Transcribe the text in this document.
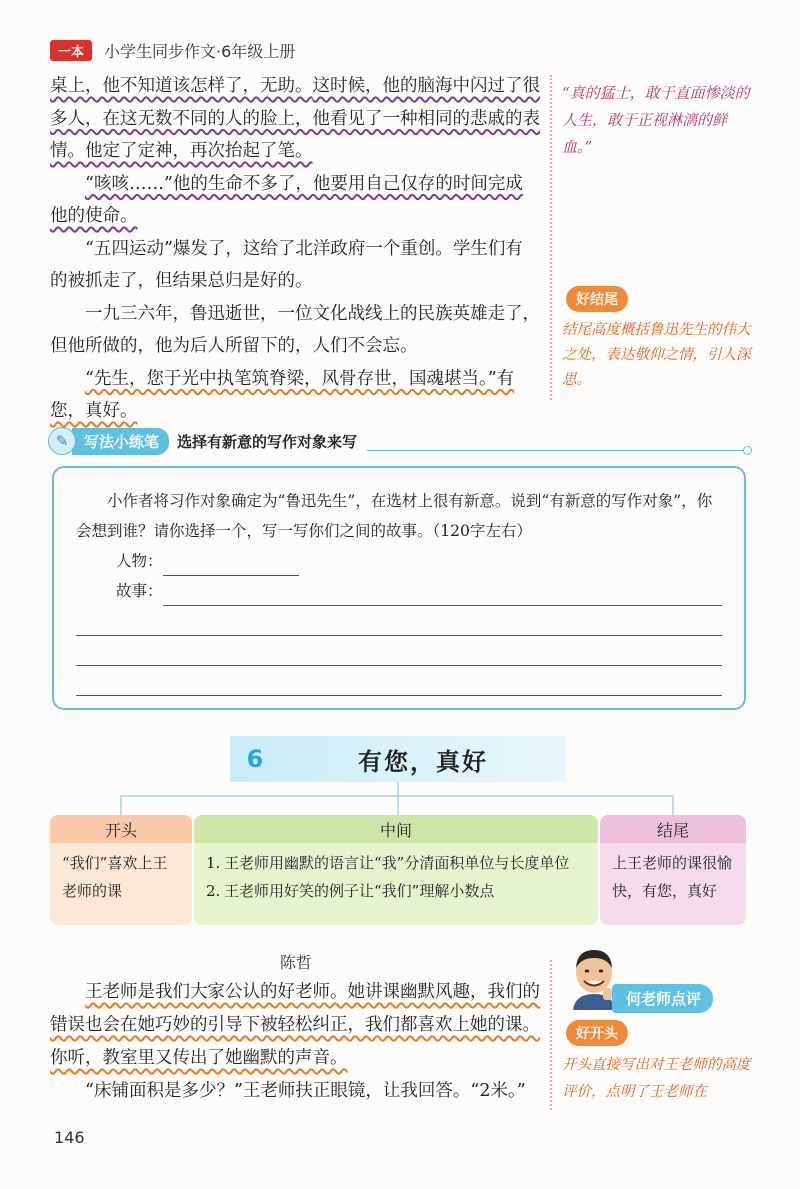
一本	小学生同步作文·6年级上册

桌上，他不知道该怎样了，无助。这时候，他的脑海中闪过了很多人，在这无数不同的人的脸上，他看见了一种相同的悲戚的表情。他定了定神，再次抬起了笔。

“咳咳……”他的生命不多了，他要用自己仅存的时间完成他的使命。

“五四运动”爆发了，这给了北洋政府一个重创。学生们有的被抓走了，但结果总归是好的。

一九三六年，鲁迅逝世，一位文化战线上的民族英雄走了，但他所做的，他为后人所留下的，人们不会忘。

“先生，您于光中执笔筑脊梁，风骨存世，国魂堪当。”有您，真好。

“真的猛士，敢于直面惨淡的人生，敢于正视淋漓的鲜血。”
好结尾
结尾高度概括鲁迅先生的伟大之处，表达敬仰之情，引人深思。
✎	写法小练笔	选择有新意的写作对象来写

小作者将习作对象确定为“鲁迅先生”，在选材上很有新意。说到“有新意的写作对象”，你会想到谁？请你选择一个，写一写你们之间的故事。（120字左右）

人物：
故事：
6	有您，真好
开头
“我们”喜欢上王老师的课
中间
1. 王老师用幽默的语言让“我”分清面积单位与长度单位
2. 王老师用好笑的例子让“我们”理解小数点
结尾
上王老师的课很愉快，有您，真好
陈哲

王老师是我们大家公认的好老师。她讲课幽默风趣，我们的错误也会在她巧妙的引导下被轻松纠正，我们都喜欢上她的课。你听，教室里又传出了她幽默的声音。

“床铺面积是多少？”王老师扶正眼镜，让我回答。“2米。”

何老师点评
好开头
开头直接写出对王老师的高度评价，点明了王老师在
146
